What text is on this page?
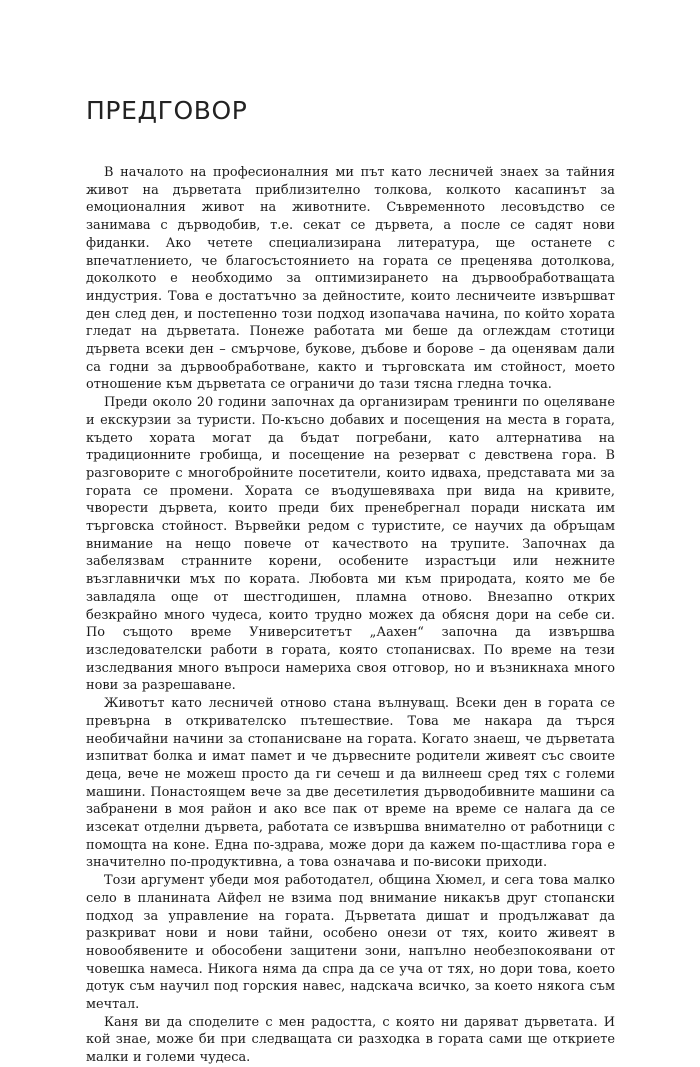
ПРЕДГОВОР

В началото на професионалния ми път като лесничей знаех за тайния живот на дърветата приблизително толкова, колкото касапинът за емоционалния живот на животните. Съвременното лесовъдство се занимава с дърводобив, т.е. секат се дървета, а после се садят нови фиданки. Ако четете специализирана литература, ще останете с впечатлението, че благосъстоянието на гората се преценява дотолкова, доколкото е необходимо за оптимизирането на дървообработващата индустрия. Това е достатъчно за дейностите, които лесничеите извършват ден след ден, и постепенно този подход изопачава начина, по който хората гледат на дърветата. Понеже работата ми беше да оглеждам стотици дървета всеки ден – смърчове, букове, дъбове и борове – да оценявам дали са годни за дървообработване, както и търговската им стойност, моето отношение към дърветата се ограничи до тази тясна гледна точка.

Преди около 20 години започнах да организирам тренинги по оцеляване и екскурзии за туристи. По-късно добавих и посещения на места в гората, където хората могат да бъдат погребани, като алтернатива на традиционните гробища, и посещение на резерват с девствена гора. В разговорите с многобройните посетители, които идваха, представата ми за гората се промени. Хората се въодушевяваха при вида на кривите, чворести дървета, които преди бих пренебрегнал поради ниската им търговска стойност. Вървейки редом с туристите, се научих да обръщам внимание на нещо повече от качеството на трупите. Започнах да забелязвам странните корени, особените израстъци или нежните възглавнички мъх по кората. Любовта ми към природата, която ме бе завладяла още от шестгодишен, пламна отново. Внезапно открих безкрайно много чудеса, които трудно можех да обясня дори на себе си. По същото време Университетът „Аахен“ започна да извършва изследователски работи в гората, която стопанисвах. По време на тези изследвания много въпроси намериха своя отговор, но и възникнаха много нови за разрешаване.

Животът като лесничей отново стана вълнуващ. Всеки ден в гората се превърна в откривателско пътешествие. Това ме накара да търся необичайни начини за стопанисване на гората. Когато знаеш, че дърветата изпитват болка и имат памет и че дървесните родители живеят със своите деца, вече не можеш просто да ги сечеш и да вилнееш сред тях с големи машини. Понастоящем вече за две десетилетия дърводобивните машини са забранени в моя район и ако все пак от време на време се налага да се изсекат отделни дървета, работата се извършва внимателно от работници с помощта на коне. Една по-здрава, може дори да кажем по-щастлива гора е значително по-продуктивна, а това означава и по-високи приходи.

Този аргумент убеди моя работодател, община Хюмел, и сега това малко село в планината Айфел не взима под внимание никакъв друг стопански подход за управление на гората. Дърветата дишат и продължават да разкриват нови и нови тайни, особено онези от тях, които живеят в новообявените и обособени защитени зони, напълно необезпокоявани от човешка намеса. Никога няма да спра да се уча от тях, но дори това, което дотук съм научил под горския навес, надскача всичко, за което някога съм мечтал.

Каня ви да споделите с мен радостта, с която ни даряват дърветата. И кой знае, може би при следващата си разходка в гората сами ще откриете малки и големи чудеса.
